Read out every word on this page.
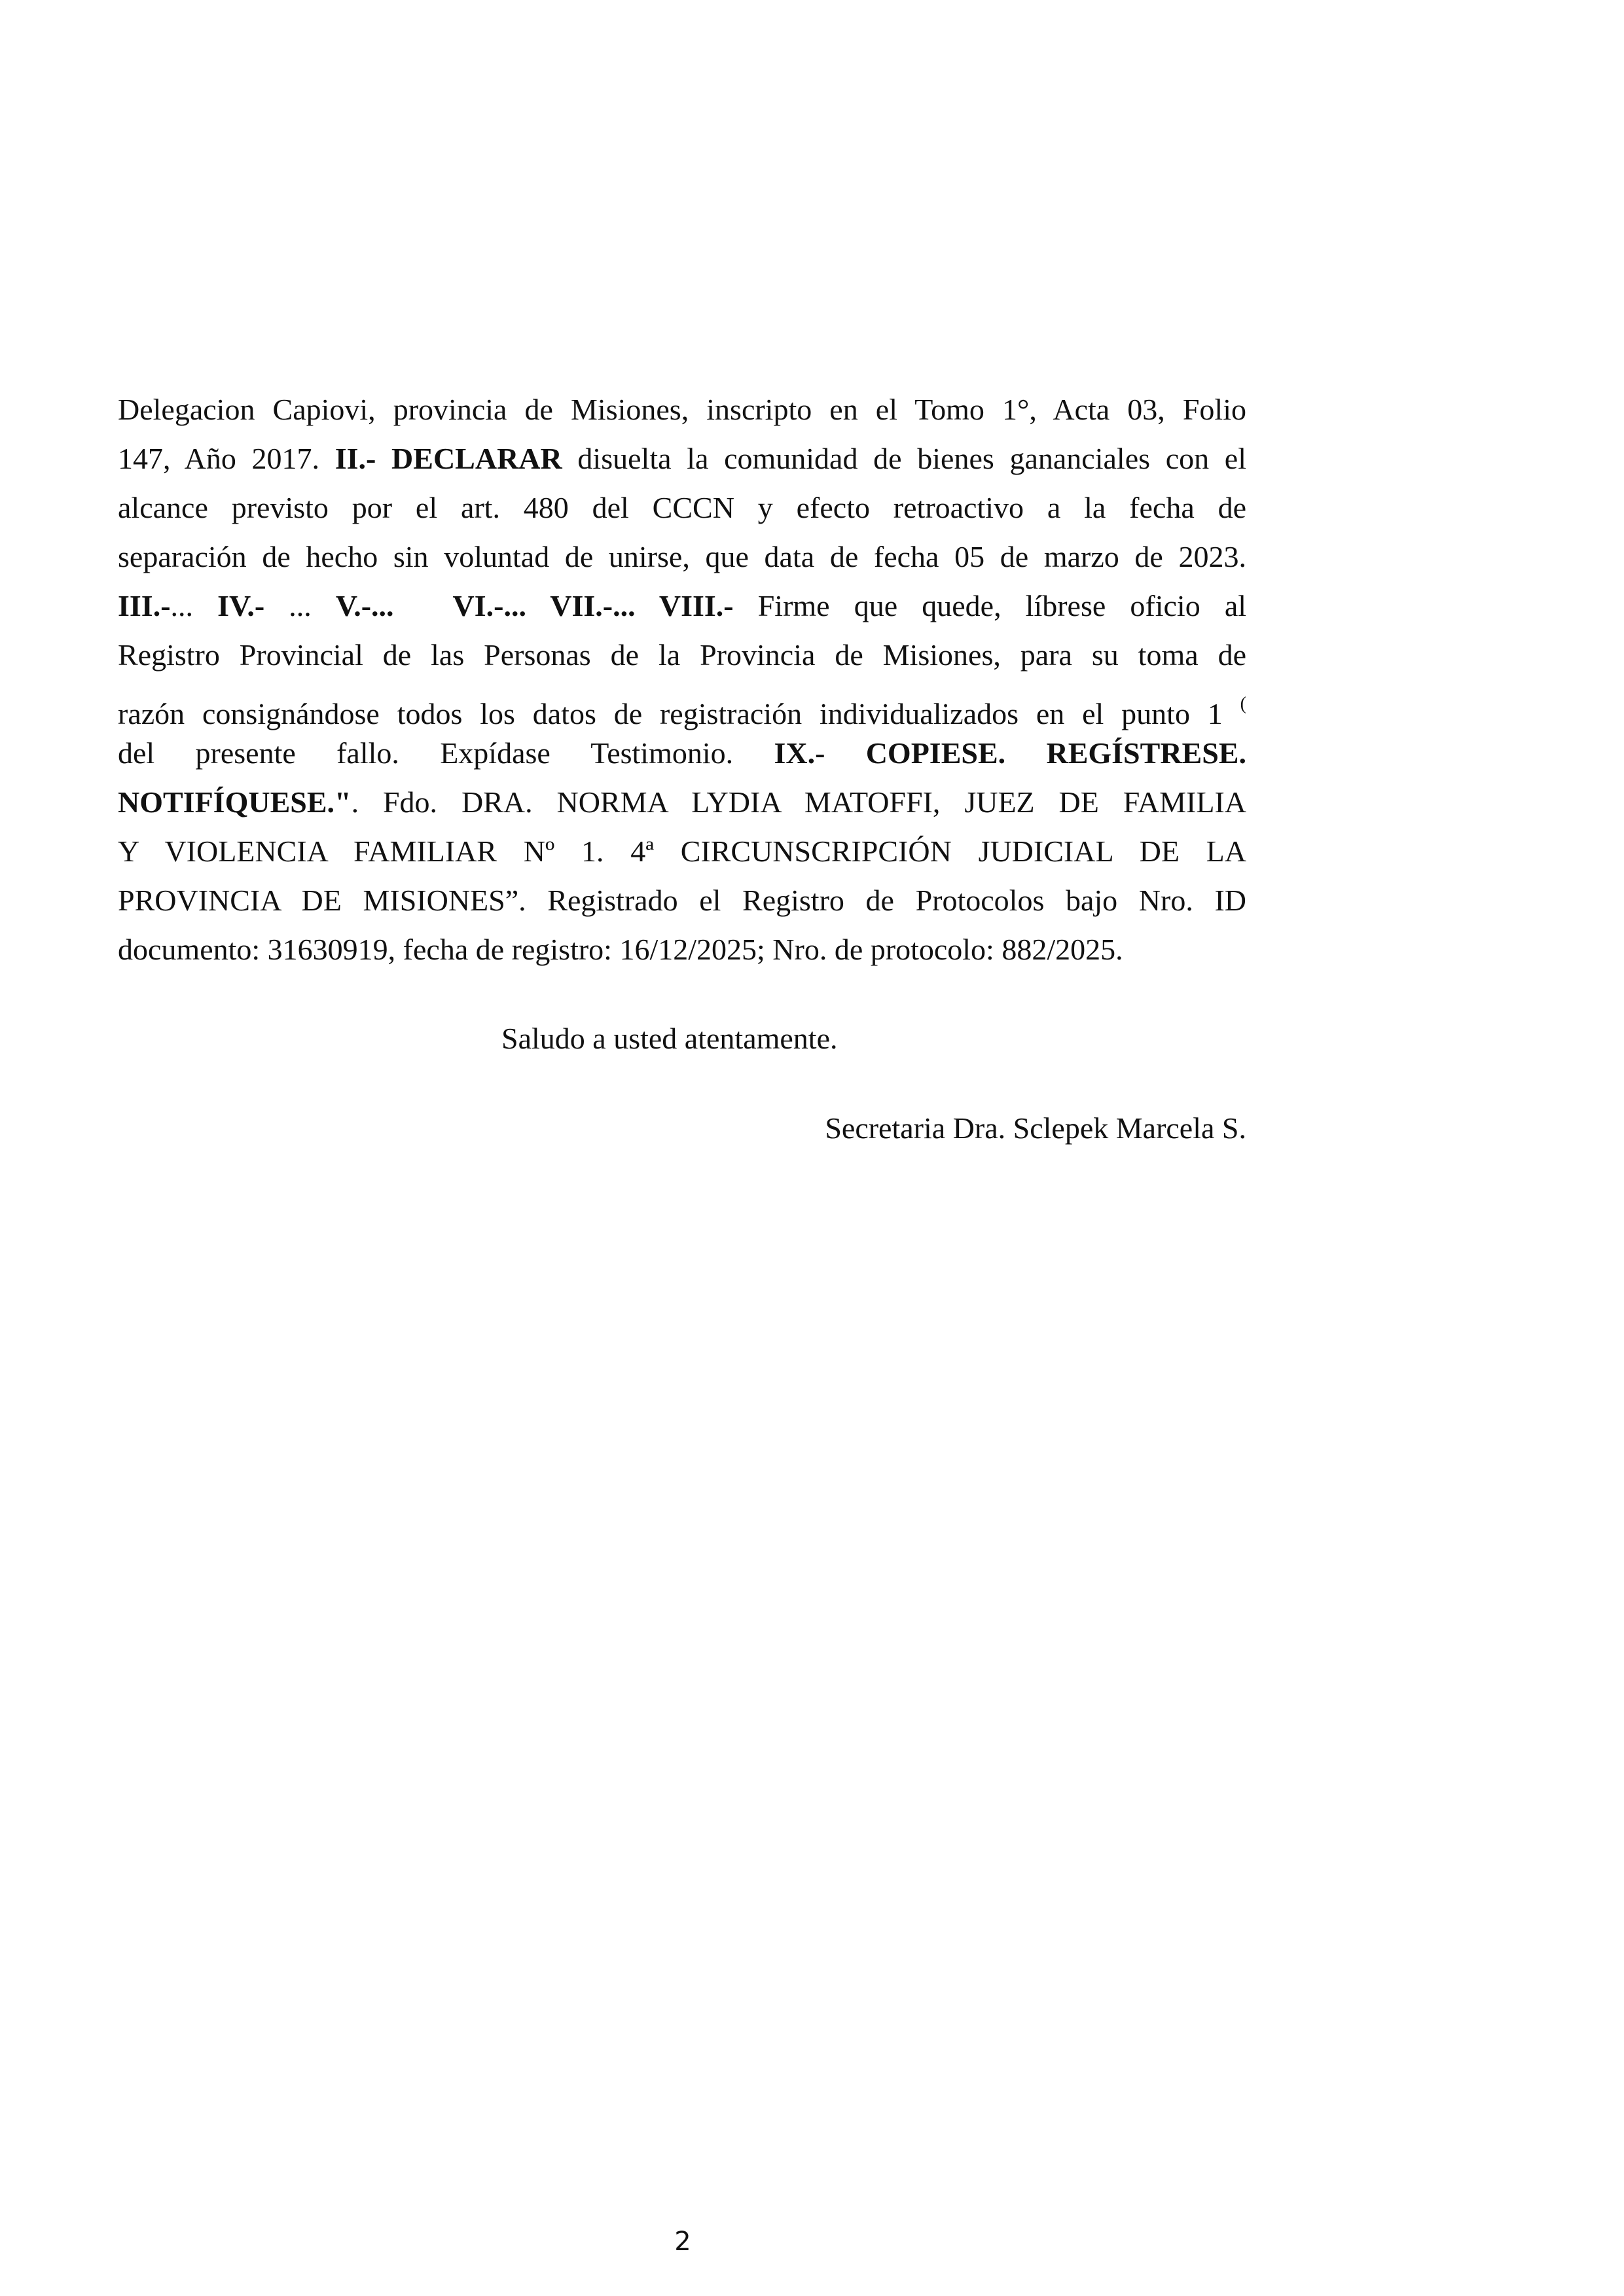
Delegacion Capiovi, provincia de Misiones, inscripto en el Tomo 1°, Acta 03, Folio
147, Año 2017. II.- DECLARAR disuelta la comunidad de bienes gananciales con el
alcance previsto por el art. 480 del CCCN y efecto retroactivo a la fecha de
separación de hecho sin voluntad de unirse, que data de fecha 05 de marzo de 2023.
III.-... IV.- ... V.-... VI.-... VII.-... VIII.- Firme que quede, líbrese oficio al
Registro Provincial de las Personas de la Provincia de Misiones, para su toma de
razón consignándose todos los datos de registración individualizados en el punto 1 (
del presente fallo. Expídase Testimonio. IX.- COPIESE. REGÍSTRESE.
NOTIFÍQUESE.". Fdo. DRA. NORMA LYDIA MATOFFI, JUEZ DE FAMILIA
Y VIOLENCIA FAMILIAR Nº 1. 4ª CIRCUNSCRIPCIÓN JUDICIAL DE LA
PROVINCIA DE MISIONES”. Registrado el Registro de Protocolos bajo Nro. ID
documento: 31630919, fecha de registro: 16/12/2025; Nro. de protocolo: 882/2025.
Saludo a usted atentamente.
Secretaria Dra. Sclepek Marcela S.
2
